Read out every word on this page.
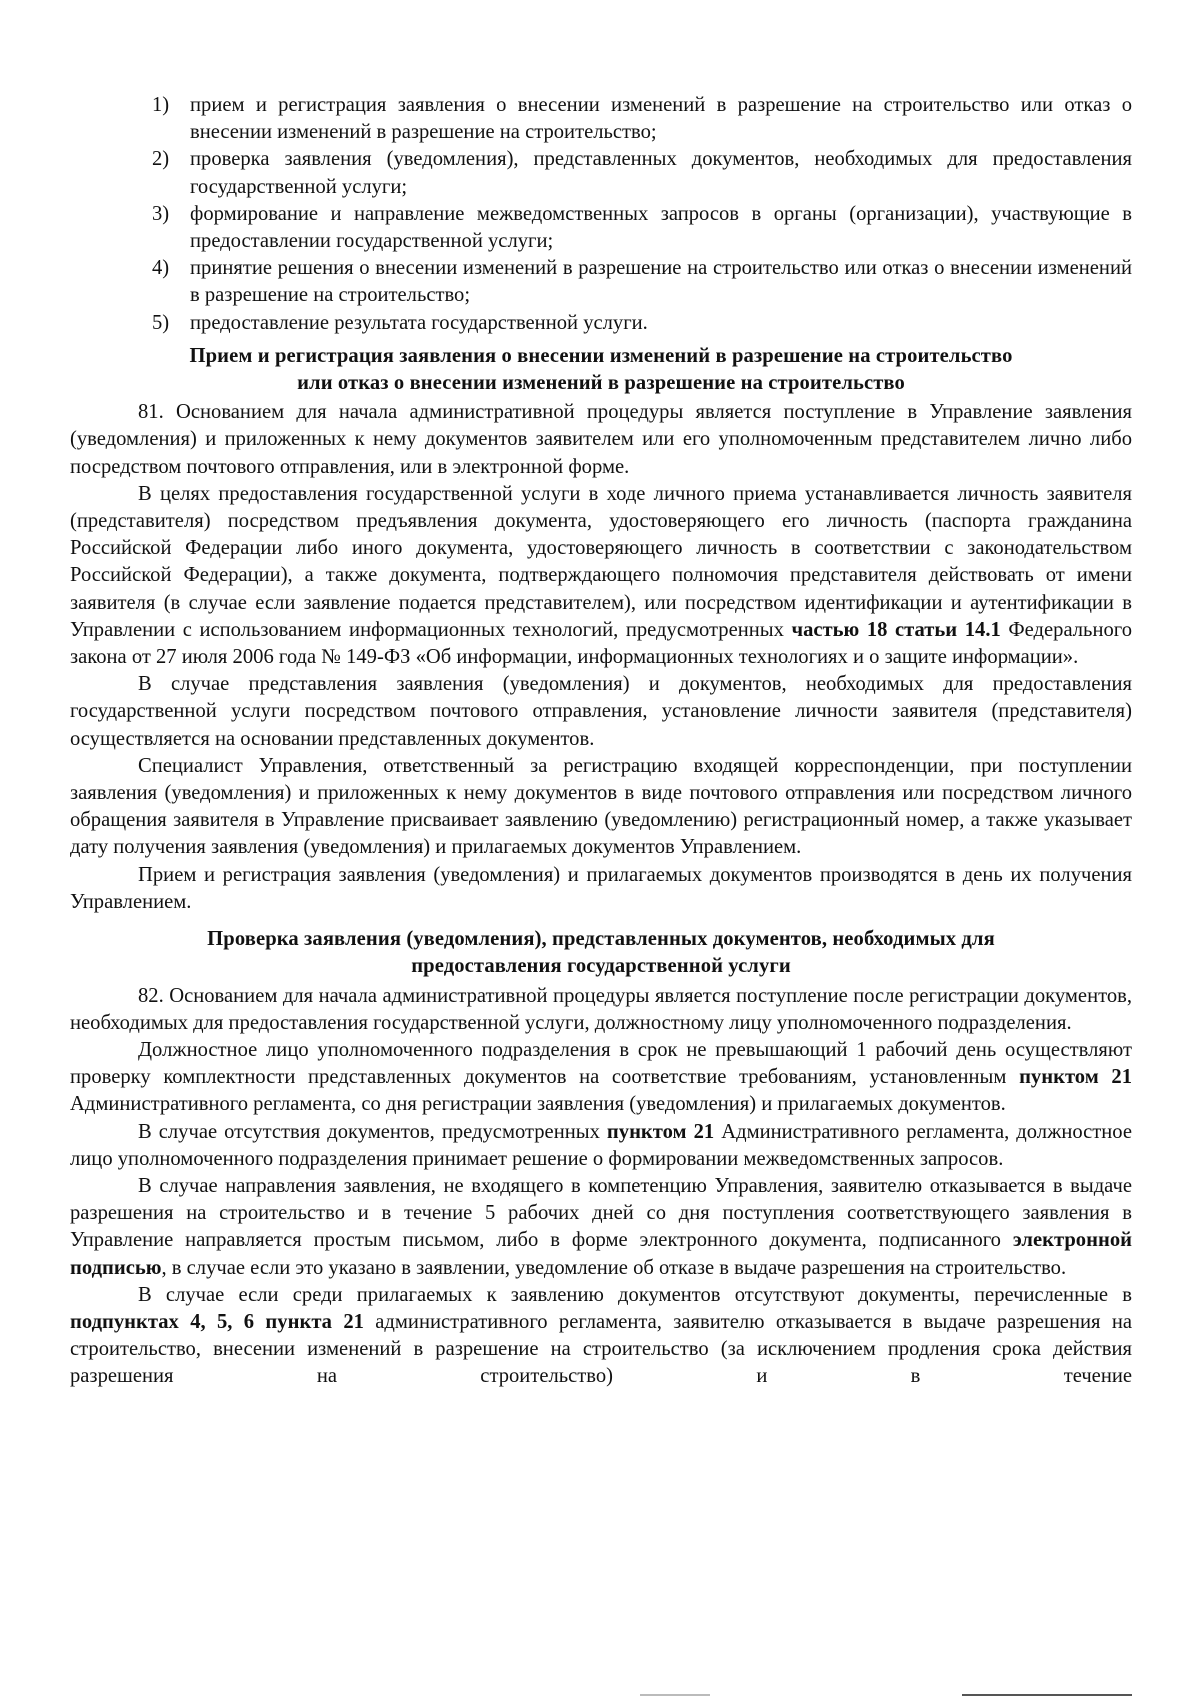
1) прием и регистрация заявления о внесении изменений в разрешение на строительство или отказ о внесении изменений в разрешение на строительство;
2) проверка заявления (уведомления), представленных документов, необходимых для предоставления государственной услуги;
3) формирование и направление межведомственных запросов в органы (организации), участвующие в предоставлении государственной услуги;
4) принятие решения о внесении изменений в разрешение на строительство или отказ о внесении изменений в разрешение на строительство;
5) предоставление результата государственной услуги.
Прием и регистрация заявления о внесении изменений в разрешение на строительство
или отказ о внесении изменений в разрешение на строительство

81. Основанием для начала административной процедуры является поступление в Управление заявления (уведомления) и приложенных к нему документов заявителем или его уполномоченным представителем лично либо посредством почтового отправления, или в электронной форме.

В целях предоставления государственной услуги в ходе личного приема устанавливается личность заявителя (представителя) посредством предъявления документа, удостоверяющего его личность (паспорта гражданина Российской Федерации либо иного документа, удостоверяющего личность в соответствии с законодательством Российской Федерации), а также документа, подтверждающего полномочия представителя действовать от имени заявителя (в случае если заявление подается представителем), или посредством идентификации и аутентификации в Управлении с использованием информационных технологий, предусмотренных частью 18 статьи 14.1 Федерального закона от 27 июля 2006 года № 149-ФЗ «Об информации, информационных технологиях и о защите информации».

В случае представления заявления (уведомления) и документов, необходимых для предоставления государственной услуги посредством почтового отправления, установление личности заявителя (представителя) осуществляется на основании представленных документов.

Специалист Управления, ответственный за регистрацию входящей корреспонденции, при поступлении заявления (уведомления) и приложенных к нему документов в виде почтового отправления или посредством личного обращения заявителя в Управление присваивает заявлению (уведомлению) регистрационный номер, а также указывает дату получения заявления (уведомления) и прилагаемых документов Управлением.

Прием и регистрация заявления (уведомления) и прилагаемых документов производятся в день их получения Управлением.

Проверка заявления (уведомления), представленных документов, необходимых для
предоставления государственной услуги

82. Основанием для начала административной процедуры является поступление после регистрации документов, необходимых для предоставления государственной услуги, должностному лицу уполномоченного подразделения.

Должностное лицо уполномоченного подразделения в срок не превышающий 1 рабочий день осуществляют проверку комплектности представленных документов на соответствие требованиям, установленным пунктом 21 Административного регламента, со дня регистрации заявления (уведомления) и прилагаемых документов.

В случае отсутствия документов, предусмотренных пунктом 21 Административного регламента, должностное лицо уполномоченного подразделения принимает решение о формировании межведомственных запросов.

В случае направления заявления, не входящего в компетенцию Управления, заявителю отказывается в выдаче разрешения на строительство и в течение 5 рабочих дней со дня поступления соответствующего заявления в Управление направляется простым письмом, либо в форме электронного документа, подписанного электронной подписью, в случае если это указано в заявлении, уведомление об отказе в выдаче разрешения на строительство.

В случае если среди прилагаемых к заявлению документов отсутствуют документы, перечисленные в подпунктах 4, 5, 6 пункта 21 административного регламента, заявителю отказывается в выдаче разрешения на строительство, внесении изменений в разрешение на строительство (за исключением продления срока действия разрешения на строительство) и в течение
